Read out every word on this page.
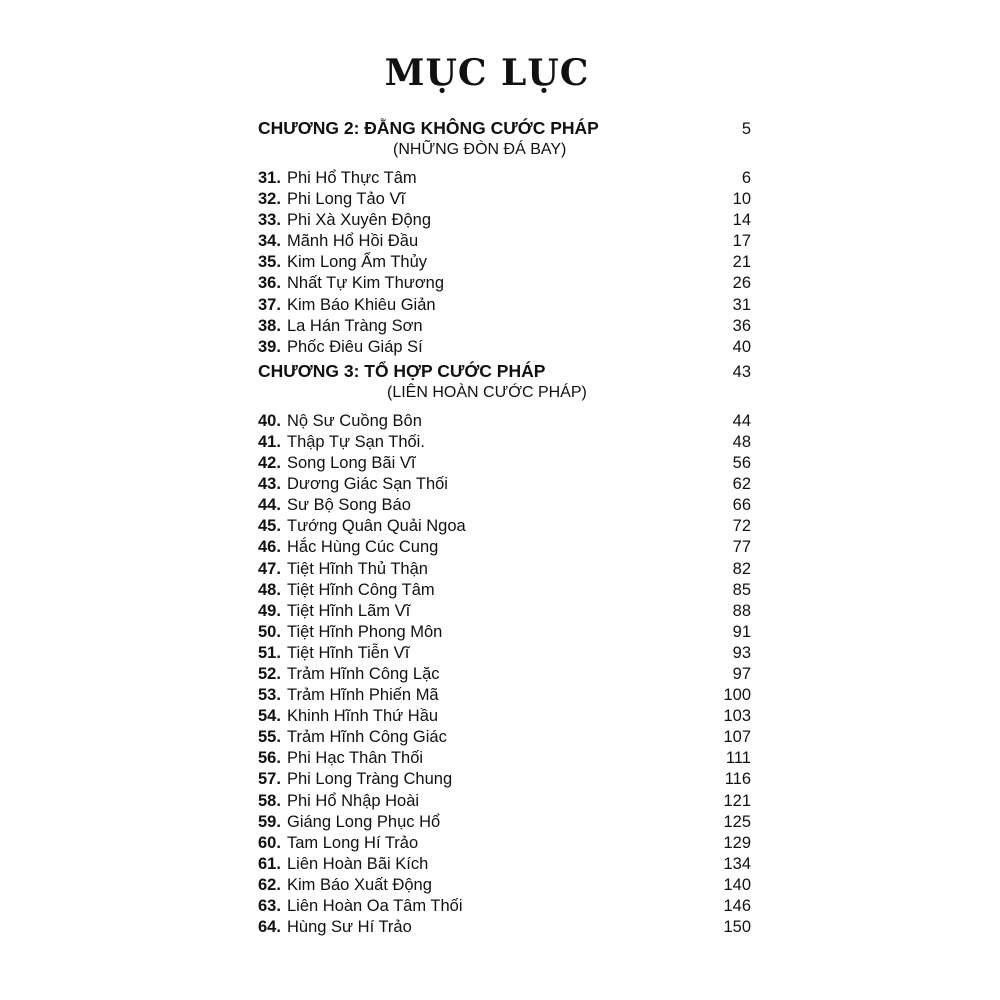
MỤC LỤC
CHƯƠNG 2: ĐẰNG KHÔNG CƯỚC PHÁP	5
(NHỮNG ĐÒN ĐÁ BAY)
31. Phi Hổ Thực Tâm	6
32. Phi Long Tảo Vĩ	10
33. Phi Xà Xuyên Động	14
34. Mãnh Hổ Hồi Đầu	17
35. Kim Long Ẩm Thủy	21
36. Nhất Tự Kim Thương	26
37. Kim Báo Khiêu Giản	31
38. La Hán Tràng Sơn	36
39. Phốc Điêu Giáp Sí	40
CHƯƠNG 3: TỔ HỢP CƯỚC PHÁP	43
(LIÊN HOÀN CƯỚC PHÁP)
40. Nộ Sư Cuồng Bôn	44
41. Thập Tự Sạn Thối.	48
42. Song Long Bãi Vĩ	56
43. Dương Giác Sạn Thối	62
44. Sư Bộ Song Báo	66
45. Tướng Quân Quải Ngoa	72
46. Hắc Hùng Cúc Cung	77
47. Tiệt Hĩnh Thủ Thận	82
48. Tiệt Hĩnh Công Tâm	85
49. Tiệt Hĩnh Lãm Vĩ	88
50. Tiệt Hĩnh Phong Môn	91
51. Tiệt Hĩnh Tiễn Vĩ	93
52. Trảm Hĩnh Công Lặc	97
53. Trảm Hĩnh Phiến Mã	100
54. Khinh Hĩnh Thứ Hầu	103
55. Trảm Hĩnh Công Giác	107
56. Phi Hạc Thân Thối	111
57. Phi Long Tràng Chung	116
58. Phi Hổ Nhập Hoài	121
59. Giáng Long Phục Hổ	125
60. Tam Long Hí Trảo	129
61. Liên Hoàn Bãi Kích	134
62. Kim Báo Xuất Động	140
63. Liên Hoàn Oa Tâm Thối	146
64. Hùng Sư Hí Trảo	150
